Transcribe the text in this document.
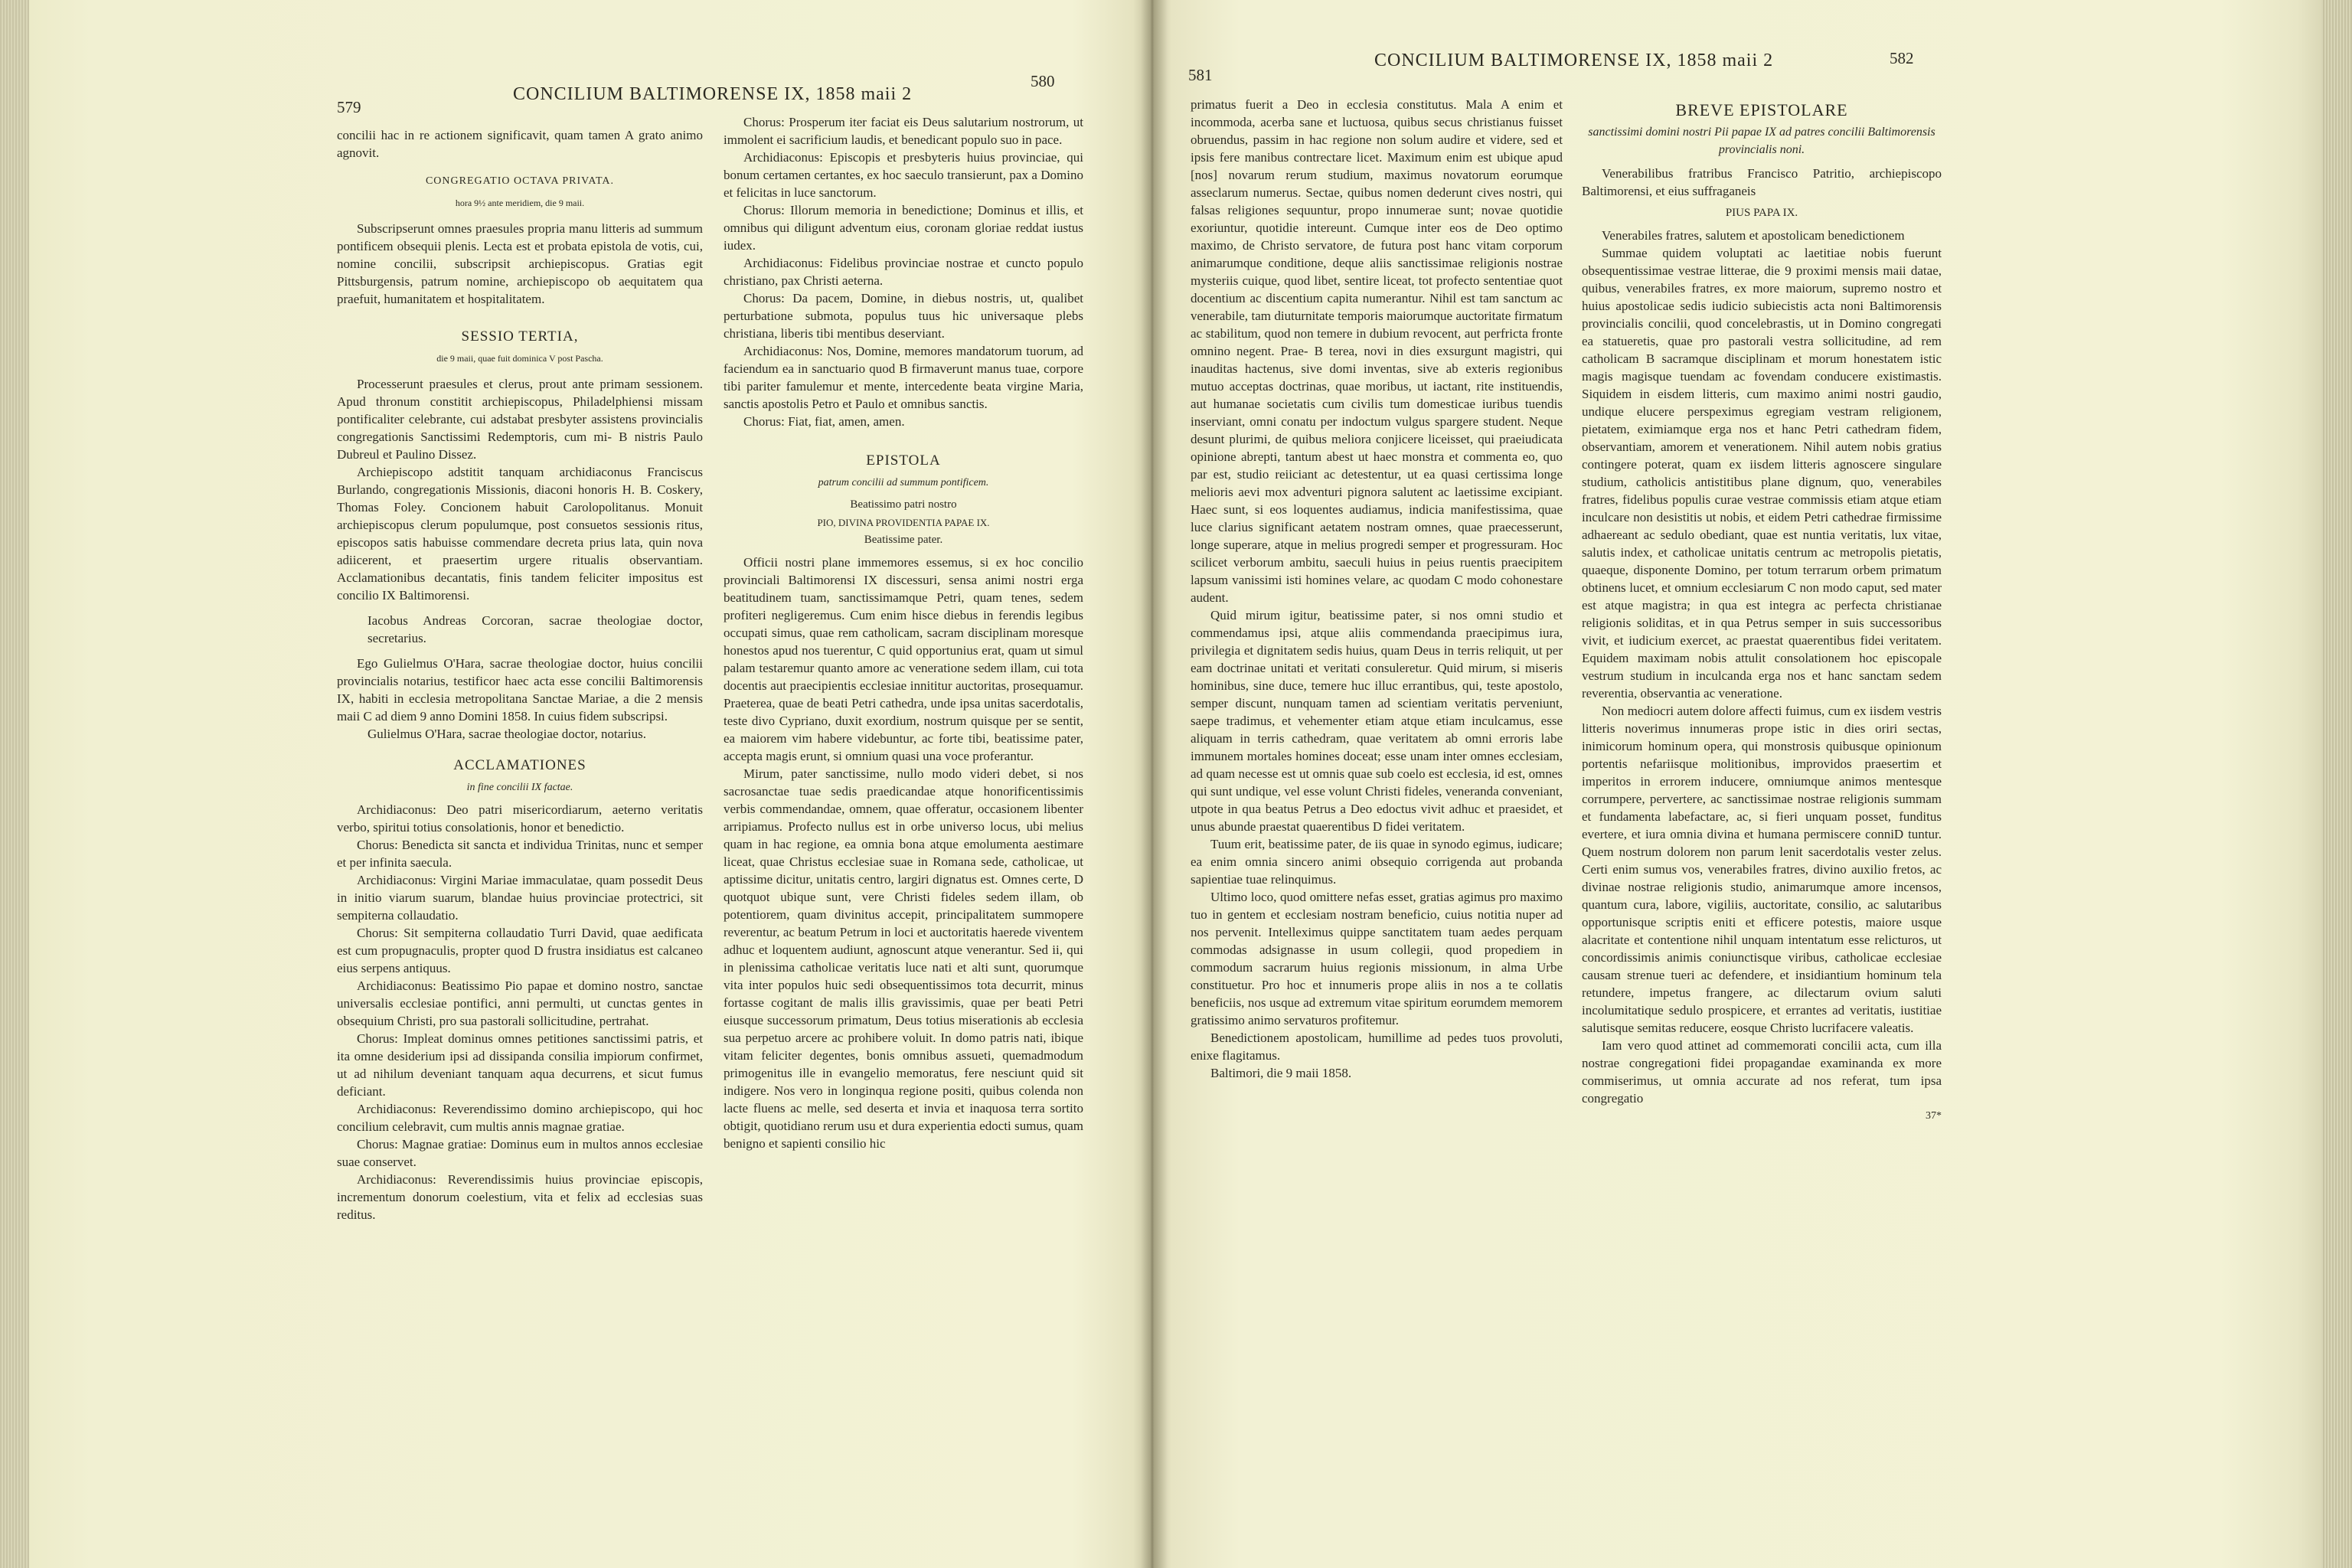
579
CONCILIUM BALTIMORENSE IX, 1858 maii 2
580

concilii hac in re actionem significavit, quam tamen A grato animo agnovit.

CONGREGATIO OCTAVA PRIVATA.

hora 9½ ante meridiem, die 9 maii.

Subscripserunt omnes praesules propria manu litteris ad summum pontificem obsequii plenis. Lecta est et probata epistola de votis, cui, nomine concilii, subscripsit archiepiscopus. Gratias egit Pittsburgensis, patrum nomine, archiepiscopo ob aequitatem qua praefuit, humanitatem et hospitalitatem.

SESSIO TERTIA,

die 9 maii, quae fuit dominica V post Pascha.

Processerunt praesules et clerus, prout ante primam sessionem. Apud thronum constitit archiepiscopus, Philadelphiensi missam pontificaliter celebrante, cui adstabat presbyter assistens provincialis congregationis Sanctissimi Redemptoris, cum mi- B nistris Paulo Dubreul et Paulino Dissez.

Archiepiscopo adstitit tanquam archidiaconus Franciscus Burlando, congregationis Missionis, diaconi honoris H. B. Coskery, Thomas Foley. Concionem habuit Carolopolitanus. Monuit archiepiscopus clerum populumque, post consuetos sessionis ritus, episcopos satis habuisse commendare decreta prius lata, quin nova adiicerent, et praesertim urgere ritualis observantiam. Acclamationibus decantatis, finis tandem feliciter impositus est concilio IX Baltimorensi.

Iacobus Andreas Corcoran, sacrae theologiae doctor, secretarius.

Ego Gulielmus O'Hara, sacrae theologiae doctor, huius concilii provincialis notarius, testificor haec acta esse concilii Baltimorensis IX, habiti in ecclesia metropolitana Sanctae Mariae, a die 2 mensis maii C ad diem 9 anno Domini 1858. In cuius fidem subscripsi.

Gulielmus O'Hara, sacrae theologiae doctor, notarius.

ACCLAMATIONES

in fine concilii IX factae.

Archidiaconus: Deo patri misericordiarum, aeterno veritatis verbo, spiritui totius consolationis, honor et benedictio.

Chorus: Benedicta sit sancta et individua Trinitas, nunc et semper et per infinita saecula.

Archidiaconus: Virgini Mariae immaculatae, quam possedit Deus in initio viarum suarum, blandae huius provinciae protectrici, sit sempiterna collaudatio.

Chorus: Sit sempiterna collaudatio Turri David, quae aedificata est cum propugnaculis, propter quod D frustra insidiatus est calcaneo eius serpens antiquus.

Archidiaconus: Beatissimo Pio papae et domino nostro, sanctae universalis ecclesiae pontifici, anni permulti, ut cunctas gentes in obsequium Christi, pro sua pastorali sollicitudine, pertrahat.

Chorus: Impleat dominus omnes petitiones sanctissimi patris, et ita omne desiderium ipsi ad dissipanda consilia impiorum confirmet, ut ad nihilum deveniant tanquam aqua decurrens, et sicut fumus deficiant.

Archidiaconus: Reverendissimo domino archiepiscopo, qui hoc concilium celebravit, cum multis annis magnae gratiae.

Chorus: Magnae gratiae: Dominus eum in multos annos ecclesiae suae conservet.

Archidiaconus: Reverendissimis huius provinciae episcopis, incrementum donorum coelestium, vita et felix ad ecclesias suas reditus.

Chorus: Prosperum iter faciat eis Deus salutarium nostrorum, ut immolent ei sacrificium laudis, et benedicant populo suo in pace.

Archidiaconus: Episcopis et presbyteris huius provinciae, qui bonum certamen certantes, ex hoc saeculo transierunt, pax a Domino et felicitas in luce sanctorum.

Chorus: Illorum memoria in benedictione; Dominus et illis, et omnibus qui diligunt adventum eius, coronam gloriae reddat iustus iudex.

Archidiaconus: Fidelibus provinciae nostrae et cuncto populo christiano, pax Christi aeterna.

Chorus: Da pacem, Domine, in diebus nostris, ut, qualibet perturbatione submota, populus tuus hic universaque plebs christiana, liberis tibi mentibus deserviant.

Archidiaconus: Nos, Domine, memores mandatorum tuorum, ad faciendum ea in sanctuario quod B firmaverunt manus tuae, corpore tibi pariter famulemur et mente, intercedente beata virgine Maria, sanctis apostolis Petro et Paulo et omnibus sanctis.

Chorus: Fiat, fiat, amen, amen.

EPISTOLA

patrum concilii ad summum pontificem.

Beatissimo patri nostro

PIO, DIVINA PROVIDENTIA PAPAE IX.

Beatissime pater.

Officii nostri plane immemores essemus, si ex hoc concilio provinciali Baltimorensi IX discessuri, sensa animi nostri erga beatitudinem tuam, sanctissimamque Petri, quam tenes, sedem profiteri negligeremus. Cum enim hisce diebus in ferendis legibus occupati simus, quae rem catholicam, sacram disciplinam moresque honestos apud nos tuerentur, C quid opportunius erat, quam ut simul palam testaremur quanto amore ac veneratione sedem illam, cui tota docentis aut praecipientis ecclesiae innititur auctoritas, prosequamur. Praeterea, quae de beati Petri cathedra, unde ipsa unitas sacerdotalis, teste divo Cypriano, duxit exordium, nostrum quisque per se sentit, ea maiorem vim habere videbuntur, ac forte tibi, beatissime pater, accepta magis erunt, si omnium quasi una voce proferantur.

Mirum, pater sanctissime, nullo modo videri debet, si nos sacrosanctae tuae sedis praedicandae atque honorificentissimis verbis commendandae, omnem, quae offeratur, occasionem libenter arripiamus. Profecto nullus est in orbe universo locus, ubi melius quam in hac regione, ea omnia bona atque emolumenta aestimare liceat, quae Christus ecclesiae suae in Romana sede, catholicae, ut aptissime dicitur, unitatis centro, largiri dignatus est. Omnes certe, D quotquot ubique sunt, vere Christi fideles sedem illam, ob potentiorem, quam divinitus accepit, principalitatem summopere reverentur, ac beatum Petrum in loci et auctoritatis haerede viventem adhuc et loquentem audiunt, agnoscunt atque venerantur. Sed ii, qui in plenissima catholicae veritatis luce nati et alti sunt, quorumque vita inter populos huic sedi obsequentissimos tota decurrit, minus fortasse cogitant de malis illis gravissimis, quae per beati Petri eiusque successorum primatum, Deus totius miserationis ab ecclesia sua perpetuo arcere ac prohibere voluit. In domo patris nati, ibique vitam feliciter degentes, bonis omnibus assueti, quemadmodum primogenitus ille in evangelio memoratus, fere nesciunt quid sit indigere. Nos vero in longinqua regione positi, quibus colenda non lacte fluens ac melle, sed deserta et invia et inaquosa terra sortito obtigit, quotidiano rerum usu et dura experientia edocti sumus, quam benigno et sapienti consilio hic

581
CONCILIUM BALTIMORENSE IX, 1858 maii 2	582

primatus fuerit a Deo in ecclesia constitutus. Mala A enim et incommoda, acerba sane et luctuosa, quibus secus christianus fuisset obruendus, passim in hac regione non solum audire et videre, sed et ipsis fere manibus contrectare licet. Maximum enim est ubique apud [nos] novarum rerum studium, maximus novatorum eorumque asseclarum numerus. Sectae, quibus nomen dederunt cives nostri, qui falsas religiones sequuntur, propo innumerae sunt; novae quotidie exoriuntur, quotidie intereunt. Cumque inter eos de Deo optimo maximo, de Christo servatore, de futura post hanc vitam corporum animarumque conditione, deque aliis sanctissimae religionis nostrae mysteriis cuique, quod libet, sentire liceat, tot profecto sententiae quot docentium ac discentium capita numerantur. Nihil est tam sanctum ac venerabile, tam diuturnitate temporis maiorumque auctoritate firmatum ac stabilitum, quod non temere in dubium revocent, aut perfricta fronte omnino negent. Prae- B terea, novi in dies exsurgunt magistri, qui inauditas hactenus, sive domi inventas, sive ab exteris regionibus mutuo acceptas doctrinas, quae moribus, ut iactant, rite instituendis, aut humanae societatis cum civilis tum domesticae iuribus tuendis inserviant, omni conatu per indoctum vulgus spargere student. Neque desunt plurimi, de quibus meliora conjicere liceisset, qui praeiudicata opinione abrepti, tantum abest ut haec monstra et commenta eo, quo par est, studio reiiciant ac detestentur, ut ea quasi certissima longe melioris aevi mox adventuri pignora salutent ac laetissime excipiant. Haec sunt, si eos loquentes audiamus, indicia manifestissima, quae luce clarius significant aetatem nostram omnes, quae praecesserunt, longe superare, atque in melius progredi semper et progressuram. Hoc scilicet verborum ambitu, saeculi huius in peius ruentis praecipitem lapsum vanissimi isti homines velare, ac quodam C modo cohonestare audent.

Quid mirum igitur, beatissime pater, si nos omni studio et commendamus ipsi, atque aliis commendanda praecipimus iura, privilegia et dignitatem sedis huius, quam Deus in terris reliquit, ut per eam doctrinae unitati et veritati consuleretur. Quid mirum, si miseris hominibus, sine duce, temere huc illuc errantibus, qui, teste apostolo, semper discunt, nunquam tamen ad scientiam veritatis perveniunt, saepe tradimus, et vehementer etiam atque etiam inculcamus, esse aliquam in terris cathedram, quae veritatem ab omni erroris labe immunem mortales homines doceat; esse unam inter omnes ecclesiam, ad quam necesse est ut omnis quae sub coelo est ecclesia, id est, omnes qui sunt undique, vel esse volunt Christi fideles, veneranda conveniant, utpote in qua beatus Petrus a Deo edoctus vivit adhuc et praesidet, et unus abunde praestat quaerentibus D fidei veritatem.

Tuum erit, beatissime pater, de iis quae in synodo egimus, iudicare; ea enim omnia sincero animi obsequio corrigenda aut probanda sapientiae tuae relinquimus.

Ultimo loco, quod omittere nefas esset, gratias agimus pro maximo tuo in gentem et ecclesiam nostram beneficio, cuius notitia nuper ad nos pervenit. Intelleximus quippe sanctitatem tuam aedes perquam commodas adsignasse in usum collegii, quod propediem in commodum sacrarum huius regionis missionum, in alma Urbe constituetur. Pro hoc et innumeris prope aliis in nos a te collatis beneficiis, nos usque ad extremum vitae spiritum eorumdem memorem gratissimo animo servaturos profitemur.

Benedictionem apostolicam, humillime ad pedes tuos provoluti, enixe flagitamus.

Baltimori, die 9 maii 1858.

BREVE EPISTOLARE

sanctissimi domini nostri Pii papae IX ad patres concilii Baltimorensis provincialis noni.

Venerabilibus fratribus Francisco Patritio, archiepiscopo Baltimorensi, et eius suffraganeis

PIUS PAPA IX.

Venerabiles fratres, salutem et apostolicam benedictionem

Summae quidem voluptati ac laetitiae nobis fuerunt obsequentissimae vestrae litterae, die 9 proximi mensis maii datae, quibus, venerabiles fratres, ex more maiorum, supremo nostro et huius apostolicae sedis iudicio subiecistis acta noni Baltimorensis provincialis concilii, quod concelebrastis, ut in Domino congregati ea statueretis, quae pro pastorali vestra sollicitudine, ad rem catholicam B sacramque disciplinam et morum honestatem istic magis magisque tuendam ac fovendam conducere existimastis. Siquidem in eisdem litteris, cum maximo animi nostri gaudio, undique elucere perspeximus egregiam vestram religionem, pietatem, eximiamque erga nos et hanc Petri cathedram fidem, observantiam, amorem et venerationem. Nihil autem nobis gratius contingere poterat, quam ex iisdem litteris agnoscere singulare studium, catholicis antistitibus plane dignum, quo, venerabiles fratres, fidelibus populis curae vestrae commissis etiam atque etiam inculcare non desistitis ut nobis, et eidem Petri cathedrae firmissime adhaereant ac sedulo obediant, quae est nuntia veritatis, lux vitae, salutis index, et catholicae unitatis centrum ac metropolis pietatis, quaeque, disponente Domino, per totum terrarum orbem primatum obtinens lucet, et omnium ecclesiarum C non modo caput, sed mater est atque magistra; in qua est integra ac perfecta christianae religionis soliditas, et in qua Petrus semper in suis successoribus vivit, et iudicium exercet, ac praestat quaerentibus fidei veritatem. Equidem maximam nobis attulit consolationem hoc episcopale vestrum studium in inculcanda erga nos et hanc sanctam sedem reverentia, observantia ac veneratione.

Non mediocri autem dolore affecti fuimus, cum ex iisdem vestris litteris noverimus innumeras prope istic in dies oriri sectas, inimicorum hominum opera, qui monstrosis quibusque opinionum portentis nefariisque molitionibus, improvidos praesertim et imperitos in errorem inducere, omniumque animos mentesque corrumpere, pervertere, ac sanctissimae nostrae religionis summam et fundamenta labefactare, ac, si fieri unquam posset, funditus evertere, et iura omnia divina et humana permiscere conniD tuntur. Quem nostrum dolorem non parum lenit sacerdotalis vester zelus. Certi enim sumus vos, venerabiles fratres, divino auxilio fretos, ac divinae nostrae religionis studio, animarumque amore incensos, quantum cura, labore, vigiliis, auctoritate, consilio, ac salutaribus opportunisque scriptis eniti et efficere potestis, maiore usque alacritate et contentione nihil unquam intentatum esse relicturos, ut concordissimis animis coniunctisque viribus, catholicae ecclesiae causam strenue tueri ac defendere, et insidiantium hominum tela retundere, impetus frangere, ac dilectarum ovium saluti incolumitatique sedulo prospicere, et errantes ad veritatis, iustitiae salutisque semitas reducere, eosque Christo lucrifacere valeatis.

Iam vero quod attinet ad commemorati concilii acta, cum illa nostrae congregationi fidei propagandae examinanda ex more commiserimus, ut omnia accurate ad nos referat, tum ipsa congregatio

37*
